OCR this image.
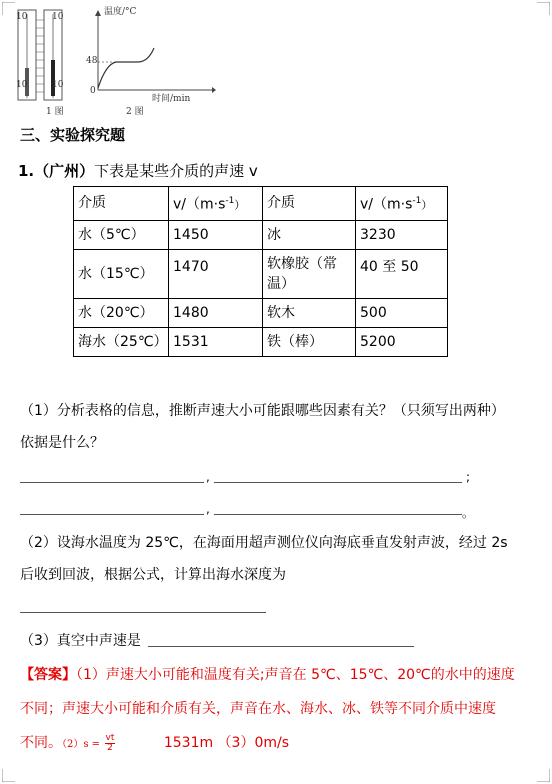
10	10
10	10
温度/°C
时间/min
48
0
1 图	2 图
三、实验探究题
1.（广州）下表是某些介质的声速 v
介质	$v/(m\cdot s^{-1})$	介质	$v/(m\cdot s^{-1})$
水（5℃）	1450	冰	3230
水（15℃）	1470	软橡胶（常温）	40 至 50
水（20℃）	1480	软木	500
海水（25℃）	1531	铁（棒）	5200
（1）分析表格的信息，推断声速大小可能跟哪些因素有关？（只须写出两种）
依据是什么？
,	;
,	。
（2）设海水温度为 25℃，在海面用超声测位仪向海底垂直发射声波，经过 2s
后收到回波，根据公式，计算出海水深度为
（3）真空中声速是
【答案】（1）声速大小可能和温度有关;声音在 5℃、15℃、20℃的水中的速度
不同；声速大小可能和介质有关，声音在水、海水、冰、铁等不同介质中速度
不同。$(2)s = \frac{vt}{2}$	1531m （3）0m/s
